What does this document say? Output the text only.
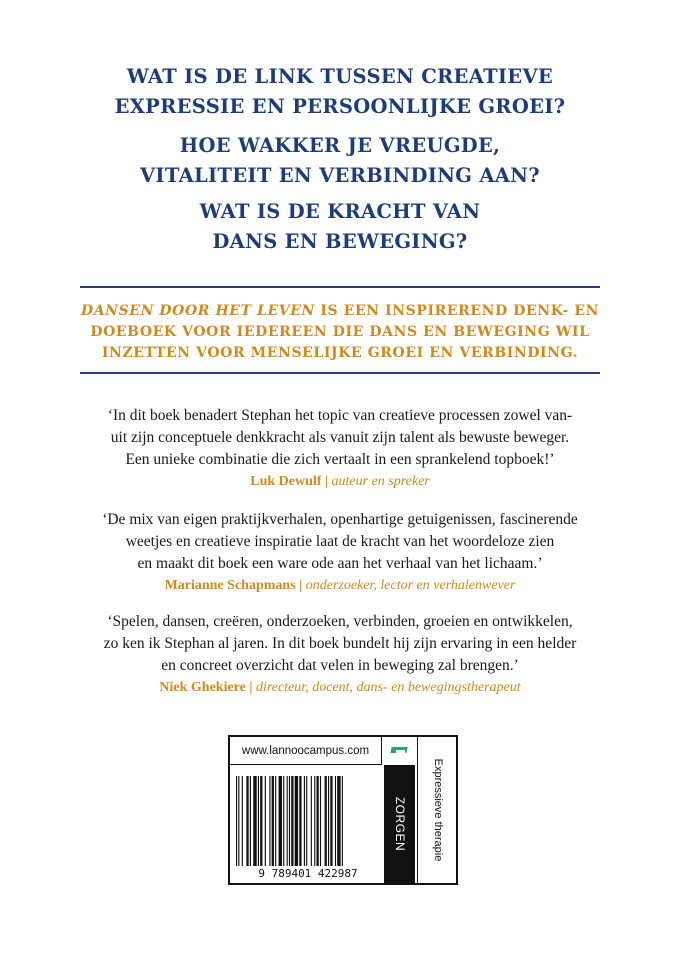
WAT IS DE LINK TUSSEN CREATIEVE
EXPRESSIE EN PERSOONLIJKE GROEI?
HOE WAKKER JE VREUGDE,
VITALITEIT EN VERBINDING AAN?
WAT IS DE KRACHT VAN
DANS EN BEWEGING?
DANSEN DOOR HET LEVEN IS EEN INSPIREREND DENK- EN
DOEBOEK VOOR IEDEREEN DIE DANS EN BEWEGING WIL
INZETTEN VOOR MENSELIJKE GROEI EN VERBINDING.
‘In dit boek benadert Stephan het topic van creatieve processen zowel van-
uit zijn conceptuele denkkracht als vanuit zijn talent als bewuste beweger.
Een unieke combinatie die zich vertaalt in een sprankelend topboek!’
Luk Dewulf | auteur en spreker
‘De mix van eigen praktijkverhalen, openhartige getuigenissen, fascinerende
weetjes en creatieve inspiratie laat de kracht van het woordeloze zien
en maakt dit boek een ware ode aan het verhaal van het lichaam.’
Marianne Schapmans | onderzoeker, lector en verhalenwever
‘Spelen, dansen, creëren, onderzoeken, verbinden, groeien en ontwikkelen,
zo ken ik Stephan al jaren. In dit boek bundelt hij zijn ervaring in een helder
en concreet overzicht dat velen in beweging zal brengen.’
Niek Ghekiere | directeur, docent, dans- en bewegingstherapeut
www.lannoocampus.com
9 789401 422987
ZORGEN Expressieve therapie
